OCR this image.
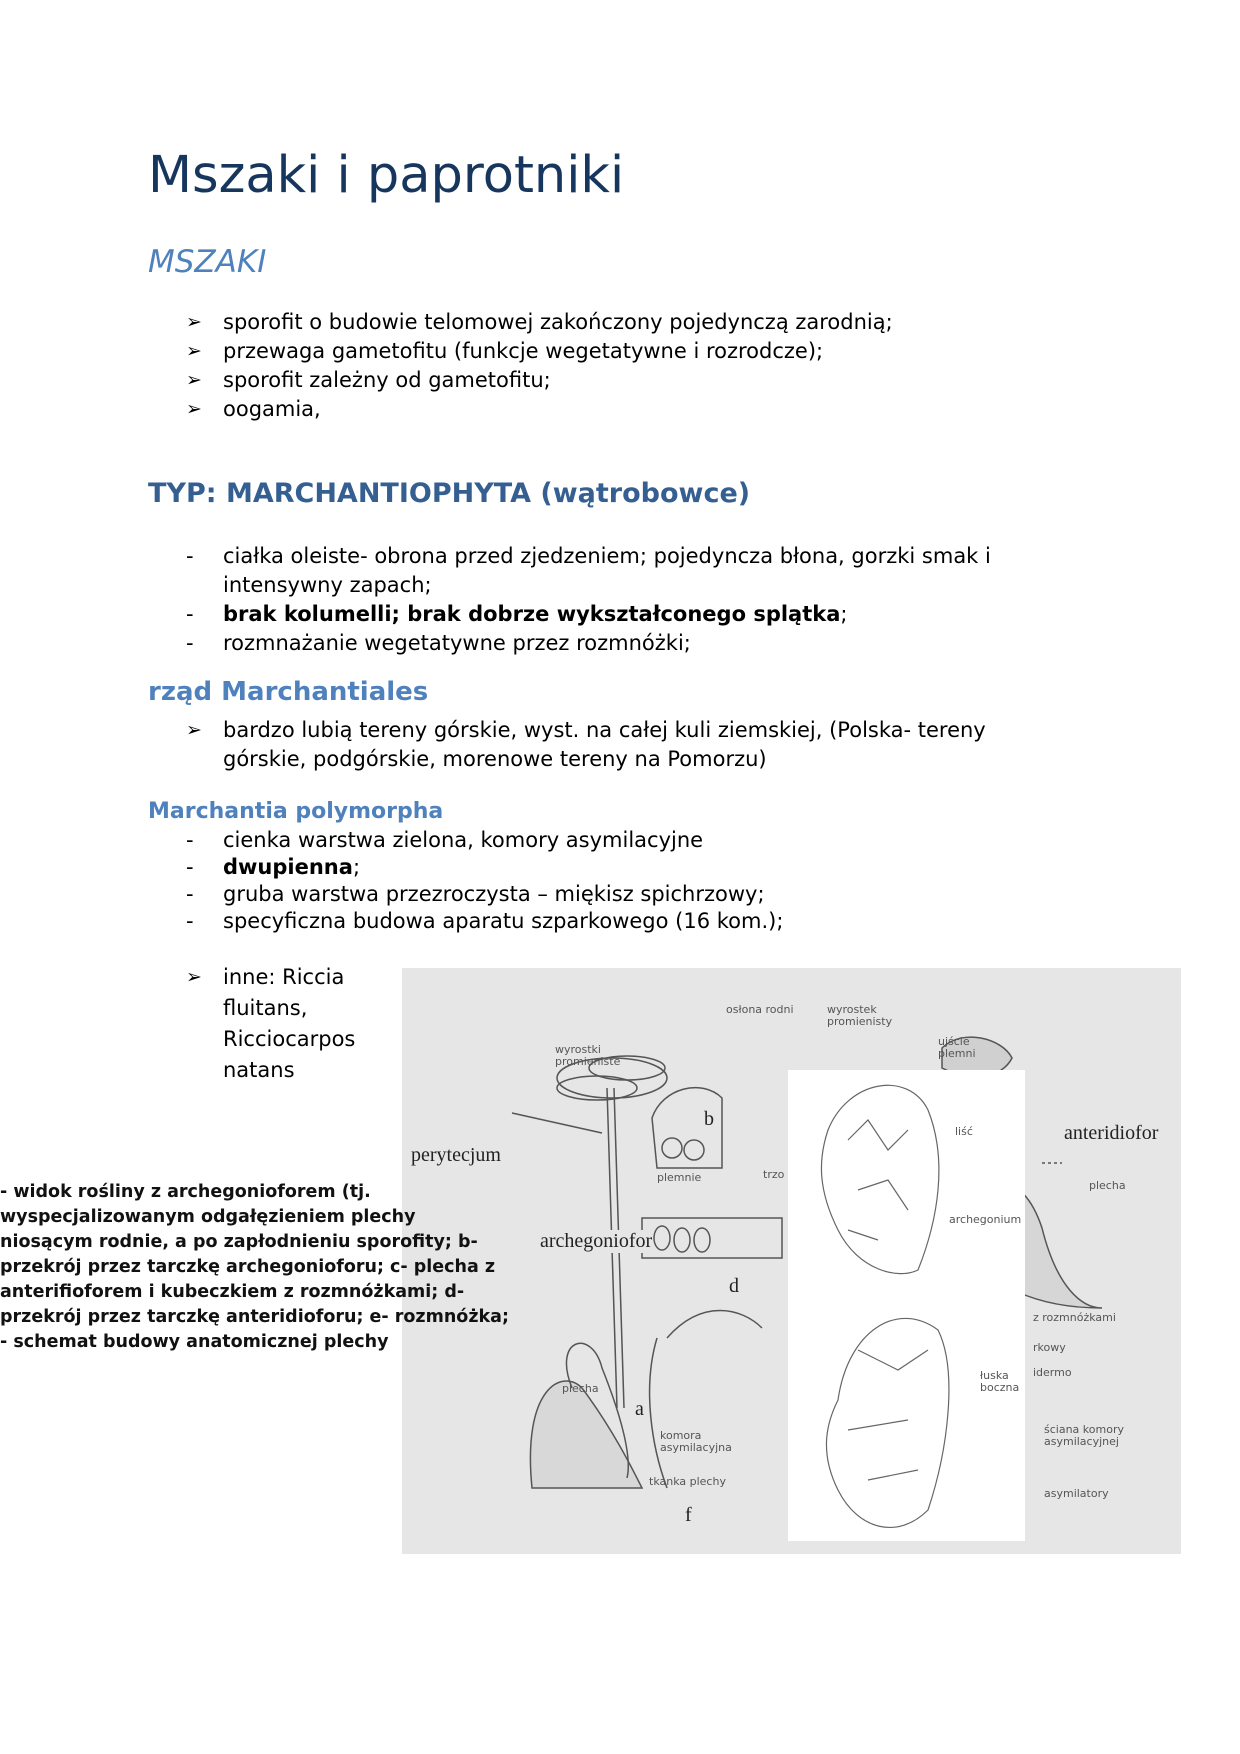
Mszaki i paprotniki
MSZAKI
➢	sporofit o budowie telomowej zakończony pojedynczą zarodnią;
➢	przewaga gametofitu (funkcje wegetatywne i rozrodcze);
➢	sporofit zależny od gametofitu;
➢	oogamia,
TYP: MARCHANTIOPHYTA (wątrobowce)
-	ciałka oleiste- obrona przed zjedzeniem; pojedyncza błona, gorzki smak i intensywny zapach;
-	brak kolumelli; brak dobrze wykształconego splątka;
-	rozmnażanie wegetatywne przez rozmnóżki;
rząd Marchantiales
➢	bardzo lubią tereny górskie, wyst. na całej kuli ziemskiej, (Polska- tereny górskie, podgórskie, morenowe tereny na Pomorzu)
Marchantia polymorpha
-	cienka warstwa zielona, komory asymilacyjne
-	dwupienna;
-	gruba warstwa przezroczysta – miękisz spichrzowy;
-	specyficzna budowa aparatu szparkowego (16 kom.);
➢	inne: Riccia fluitans, Ricciocarpos natans
osłona rodni	wyrostek promienisty
ujście plemni
wyrostki promieniste
b
perytecjum
anteridiofor
plemnie	trzo
plecha
liść
archegonium
archegoniofor
d
z rozmnóżkami
rkowy
idermo
plecha
a
łuska boczna
ściana komory asymilacyjnej
komora asymilacyjna
tkanka plechy
asymilatory
f
- widok rośliny z archegonioforem (tj.
wyspecjalizowanym odgałęzieniem plechy
niosącym rodnie, a po zapłodnieniu sporofity; b-
przekrój przez tarczkę archegonioforu; c- plecha z
anterifioforem i kubeczkiem z rozmnóżkami; d-
przekrój przez tarczkę anteridioforu; e- rozmnóżka;
- schemat budowy anatomicznej plechy
